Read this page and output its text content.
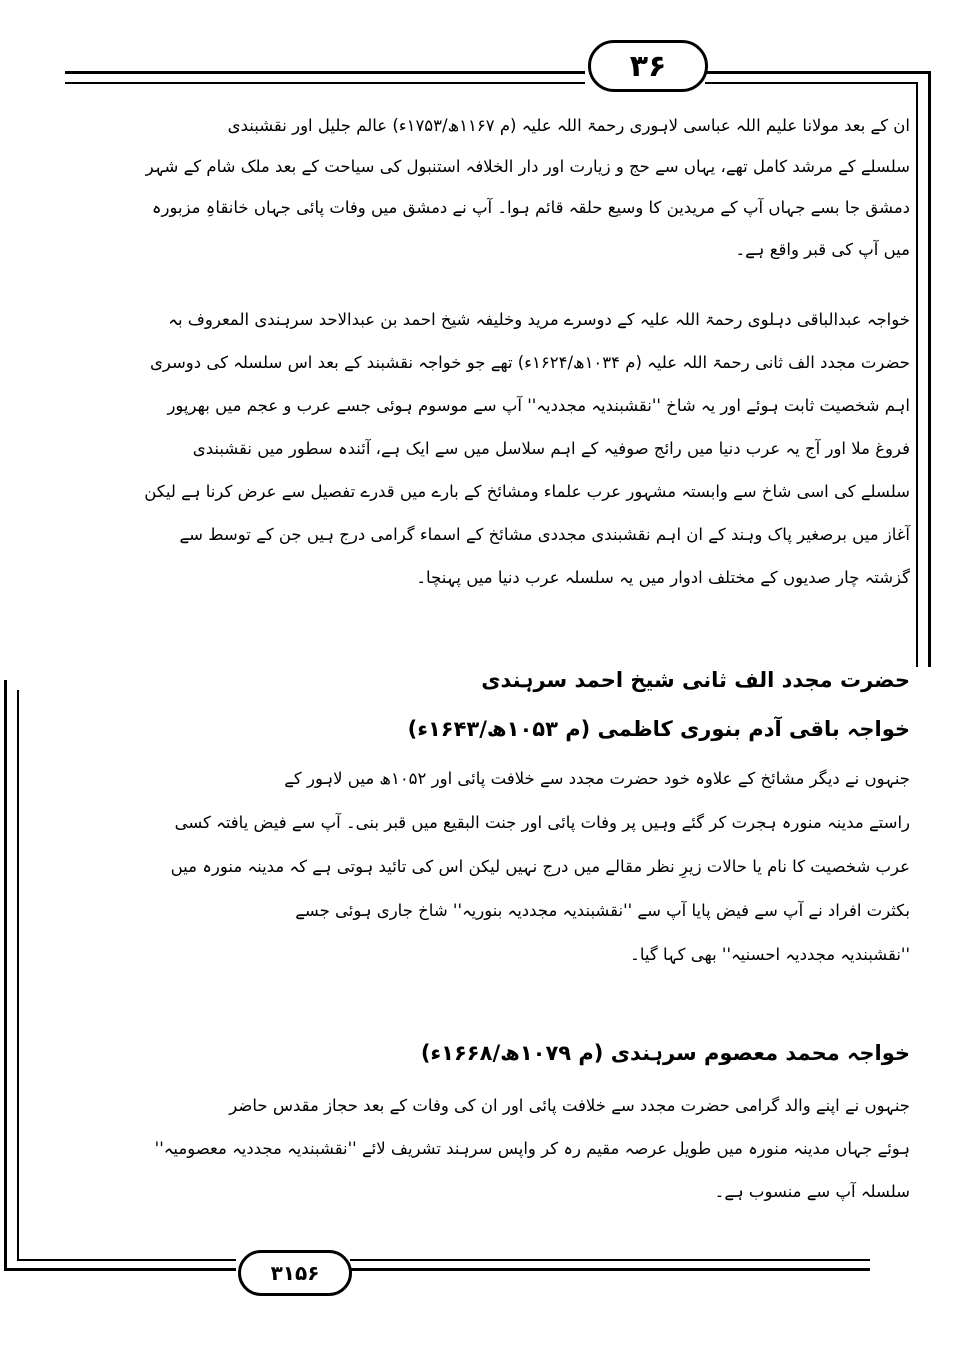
۳۶
۳۱۵۶
ان کے بعد مولانا علیم اللہ عباسی لاہوری رحمۃ اللہ علیہ (م ۱۱۶۷ھ/۱۷۵۳ء) عالم جلیل اور نقشبندی
سلسلے کے مرشد کامل تھے، یہاں سے حج و زیارت اور دار الخلافہ استنبول کی سیاحت کے بعد ملک شام کے شہر
دمشق جا بسے جہاں آپ کے مریدین کا وسیع حلقہ قائم ہوا۔ آپ نے دمشق میں وفات پائی جہاں خانقاہِ مزبورہ
میں آپ کی قبر واقع ہے۔
خواجہ عبدالباقی دہلوی رحمۃ اللہ علیہ کے دوسرے مرید وخلیفہ شیخ احمد بن عبدالاحد سرہندی المعروف بہ
حضرت مجدد الف ثانی رحمۃ اللہ علیہ (م ۱۰۳۴ھ/۱۶۲۴ء) تھے جو خواجہ نقشبند کے بعد اس سلسلہ کی دوسری
اہم شخصیت ثابت ہوئے اور یہ شاخ ''نقشبندیہ مجددیہ'' آپ سے موسوم ہوئی جسے عرب و عجم میں بھرپور
فروغ ملا اور آج یہ عرب دنیا میں رائج صوفیہ کے اہم سلاسل میں سے ایک ہے، آئندہ سطور میں نقشبندی
سلسلے کی اسی شاخ سے وابستہ مشہور عرب علماء ومشائخ کے بارے میں قدرے تفصیل سے عرض کرنا ہے لیکن
آغاز میں برصغیر پاک وہند کے ان اہم نقشبندی مجددی مشائخ کے اسماء گرامی درج ہیں جن کے توسط سے
گزشتہ چار صدیوں کے مختلف ادوار میں یہ سلسلہ عرب دنیا میں پہنچا۔
حضرت مجدد الف ثانی شیخ احمد سرہندی
خواجہ باقی آدم بنوری کاظمی (م ۱۰۵۳ھ/۱۶۴۳ء)
جنہوں نے دیگر مشائخ کے علاوہ خود حضرت مجدد سے خلافت پائی اور ۱۰۵۲ھ میں لاہور کے
راستے مدینہ منورہ ہجرت کر گئے وہیں پر وفات پائی اور جنت البقیع میں قبر بنی۔ آپ سے فیض یافتہ کسی
عرب شخصیت کا نام یا حالات زیرِ نظر مقالے میں درج نہیں لیکن اس کی تائید ہوتی ہے کہ مدینہ منورہ میں
بکثرت افراد نے آپ سے فیض پایا آپ سے ''نقشبندیہ مجددیہ بنوریہ'' شاخ جاری ہوئی جسے
''نقشبندیہ مجددیہ احسنیہ'' بھی کہا گیا۔
خواجہ محمد معصوم سرہندی (م ۱۰۷۹ھ/۱۶۶۸ء)
جنہوں نے اپنے والد گرامی حضرت مجدد سے خلافت پائی اور ان کی وفات کے بعد حجاز مقدس حاضر
ہوئے جہاں مدینہ منورہ میں طویل عرصہ مقیم رہ کر واپس سرہند تشریف لائے ''نقشبندیہ مجددیہ معصومیہ''
سلسلہ آپ سے منسوب ہے۔
